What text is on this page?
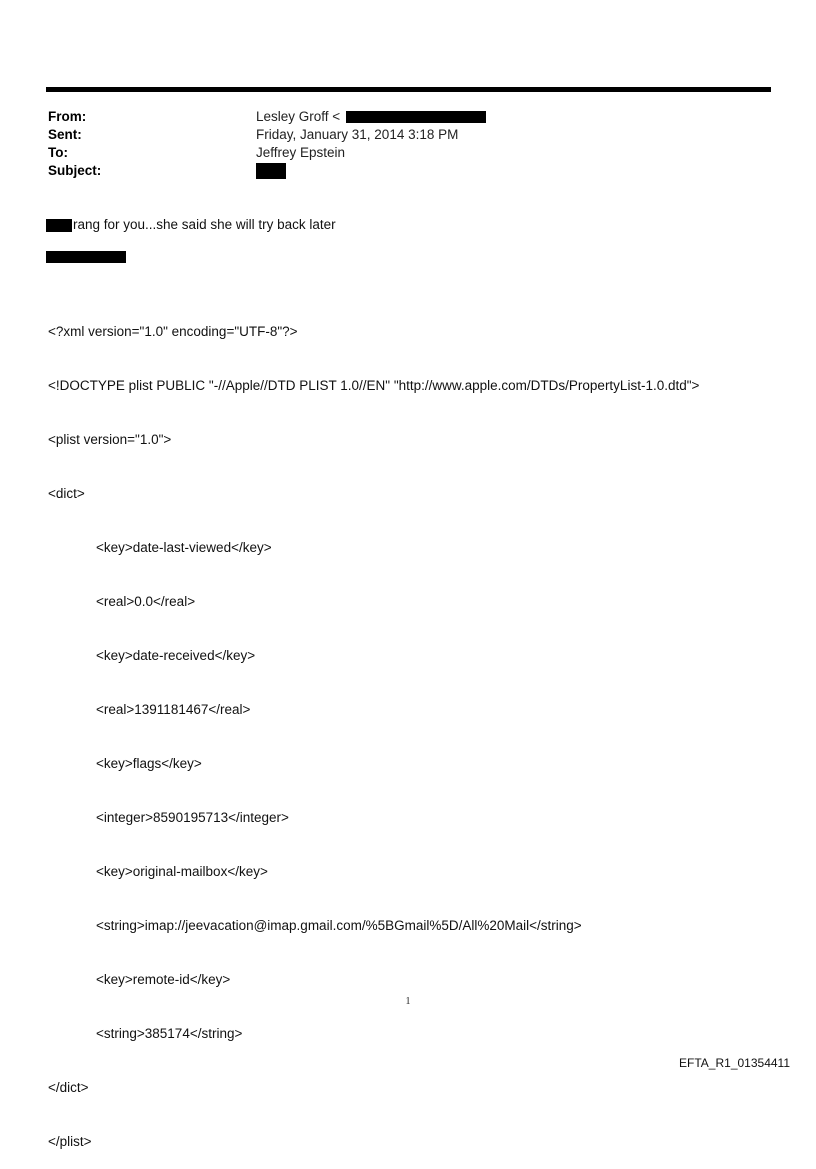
From:	Lesley Groff <
Sent:	Friday, January 31, 2014 3:18 PM
To:	Jeffrey Epstein
Subject:
rang for you...she said she will try back later

<?xml version="1.0" encoding="UTF-8"?>

<!DOCTYPE plist PUBLIC "-//Apple//DTD PLIST 1.0//EN" "http://www.apple.com/DTDs/PropertyList-1.0.dtd">

<plist version="1.0">

<dict>

<key>date-last-viewed</key>

<real>0.0</real>

<key>date-received</key>

<real>1391181467</real>

<key>flags</key>

<integer>8590195713</integer>

<key>original-mailbox</key>

<string>imap://jeevacation@imap.gmail.com/%5BGmail%5D/All%20Mail</string>

<key>remote-id</key>

<string>385174</string>

</dict>

</plist>

1
EFTA_R1_01354411
